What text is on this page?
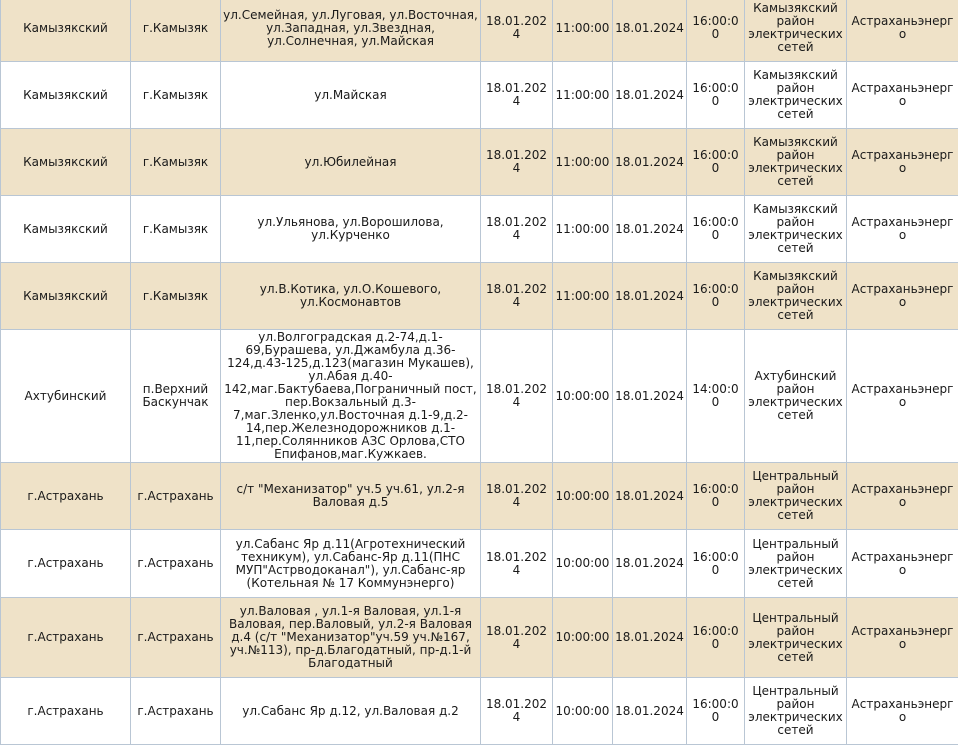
Камызякский	г.Камызяк	ул.Семейная, ул.Луговая, ул.Восточная, ул.Западная, ул.Звездная, ул.Солнечная, ул.Майская	18.01.2024	11:00:00	18.01.2024	16:00:00	Камызякский район электрических сетей	Астраханьэнерго
Камызякский	г.Камызяк	ул.Майская	18.01.2024	11:00:00	18.01.2024	16:00:00	Камызякский район электрических сетей	Астраханьэнерго
Камызякский	г.Камызяк	ул.Юбилейная	18.01.2024	11:00:00	18.01.2024	16:00:00	Камызякский район электрических сетей	Астраханьэнерго
Камызякский	г.Камызяк	ул.Ульянова, ул.Ворошилова, ул.Курченко	18.01.2024	11:00:00	18.01.2024	16:00:00	Камызякский район электрических сетей	Астраханьэнерго
Камызякский	г.Камызяк	ул.В.Котика, ул.О.Кошевого, ул.Космонавтов	18.01.2024	11:00:00	18.01.2024	16:00:00	Камызякский район электрических сетей	Астраханьэнерго
Ахтубинский	п.Верхний Баскунчак	ул.Волгоградская д.2-74,д.1-69,Бурашева, ул.Джамбула д.36-124,д.43-125,д.123(магазин Мукашев), ул.Абая д.40-142,маг.Бактубаева,Пограничный пост, пер.Вокзальный д.3-7,маг.Зленко,ул.Восточная д.1-9,д.2-14,пер.Железнодорожников д.1-11,пер.Солянников АЗС Орлова,СТО Епифанов,маг.Кужкаев.	18.01.2024	10:00:00	18.01.2024	14:00:00	Ахтубинский район электрических сетей	Астраханьэнерго
г.Астрахань	г.Астрахань	с/т "Механизатор" уч.5 уч.61, ул.2-я Валовая д.5	18.01.2024	10:00:00	18.01.2024	16:00:00	Центральный район электрических сетей	Астраханьэнерго
г.Астрахань	г.Астрахань	ул.Сабанс Яр д.11(Агротехнический техникум), ул.Сабанс-Яр д.11(ПНС МУП"Астрводоканал"), ул.Сабанс-яр (Котельная № 17 Коммунэнерго)	18.01.2024	10:00:00	18.01.2024	16:00:00	Центральный район электрических сетей	Астраханьэнерго
г.Астрахань	г.Астрахань	ул.Валовая , ул.1-я Валовая, ул.1-я Валовая, пер.Валовый, ул.2-я Валовая д.4 (с/т "Механизатор"уч.59 уч.№167, уч.№113), пр-д.Благодатный, пр-д.1-й Благодатный	18.01.2024	10:00:00	18.01.2024	16:00:00	Центральный район электрических сетей	Астраханьэнерго
г.Астрахань	г.Астрахань	ул.Сабанс Яр д.12, ул.Валовая д.2	18.01.2024	10:00:00	18.01.2024	16:00:00	Центральный район электрических сетей	Астраханьэнерго
